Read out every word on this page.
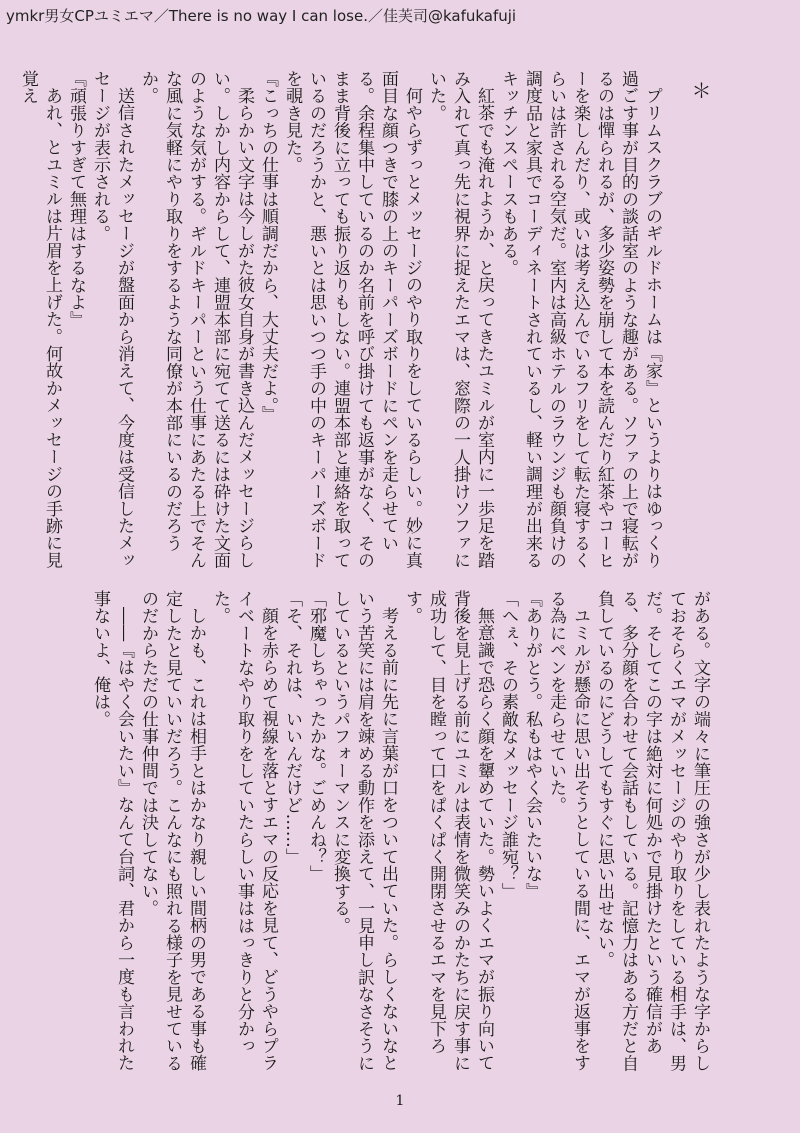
ymkr男女CPユミエマ／There is no way I can lose.／佳芙司@kafukafuji

＊

プリムスクラブのギルドホームは『家』というよりはゆっくり過ごす事が目的の談話室のような趣がある。ソファの上で寝転がるのは憚られるが、多少姿勢を崩して本を読んだり紅茶やコーヒーを楽しんだり、或いは考え込んでいるフリをして転た寝するくらいは許される空気だ。室内は高級ホテルのラウンジも顔負けの調度品と家具でコーディネートされているし、軽い調理が出来るキッチンスペースもある。

紅茶でも淹れようか、と戻ってきたユミルが室内に一歩足を踏み入れて真っ先に視界に捉えたエマは、窓際の一人掛けソファにいた。

何やらずっとメッセージのやり取りをしているらしい。妙に真面目な顔つきで膝の上のキーパーズボードにペンを走らせている。余程集中しているのか名前を呼び掛けても返事がなく、そのまま背後に立っても振り返りもしない。連盟本部と連絡を取っているのだろうかと、悪いとは思いつつ手の中のキーパーズボードを覗き見た。

『こっちの仕事は順調だから、大丈夫だよ。』

柔らかい文字は今しがた彼女自身が書き込んだメッセージらしい。しかし内容からして、連盟本部に宛てて送るには砕けた文面のような気がする。ギルドキーパーという仕事にあたる上でそんな風に気軽にやり取りをするような同僚が本部にいるのだろうか。

送信されたメッセージが盤面から消えて、今度は受信したメッセージが表示される。

『頑張りすぎて無理はするなよ』

あれ、とユミルは片眉を上げた。何故かメッセージの手跡に見覚え

がある。文字の端々に筆圧の強さが少し表れたような字からしておそらくエマがメッセージのやり取りをしている相手は、男だ。そしてこの字は絶対に何処かで見掛けたという確信がある、多分顔を合わせて会話もしている。記憶力はある方だと自負しているのにどうしてもすぐに思い出せない。

ユミルが懸命に思い出そうとしている間に、エマが返事をする為にペンを走らせていた。

『ありがとう。私もはやく会いたいな』

「へぇ、その素敵なメッセージ誰宛？」

無意識で恐らく顔を顰めていた。勢いよくエマが振り向いて背後を見上げる前にユミルは表情を微笑みのかたちに戻す事に成功して、目を瞠って口をぱくぱく開閉させるエマを見下ろす。

考える前に先に言葉が口をついて出ていた。らしくないなという苦笑には肩を竦める動作を添えて、一見申し訳なさそうにしているというパフォーマンスに変換する。

「邪魔しちゃったかな。ごめんね？」

「そ、それは、いいんだけど……」

顔を赤らめて視線を落とすエマの反応を見て、どうやらプライベートなやり取りをしていたらしい事ははっきりと分かった。

しかも、これは相手とはかなり親しい間柄の男である事も確定したと見ていいだろう。こんなにも照れる様子を見せているのだからただの仕事仲間では決してない。

――『はやく会いたい』なんて台詞、君から一度も言われた事ないよ、俺は。

1
